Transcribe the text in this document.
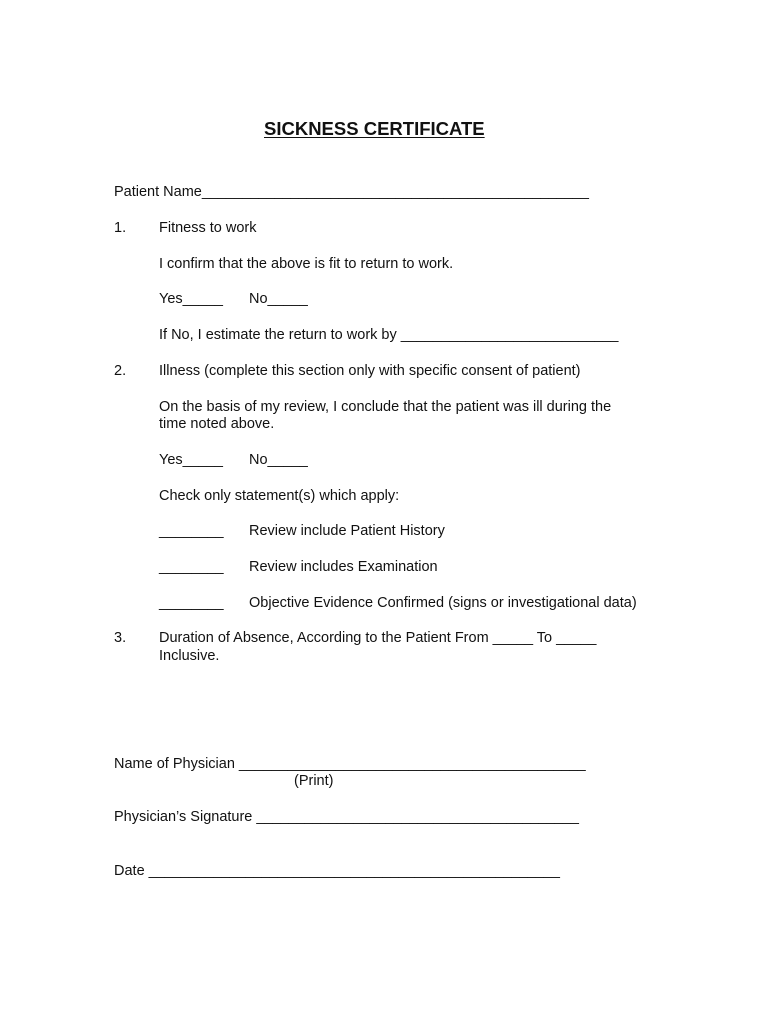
SICKNESS CERTIFICATE
Patient Name________________________________________________
1. Fitness to work
I confirm that the above is fit to return to work.
Yes_____ No_____
If No, I estimate the return to work by ___________________________
2. Illness (complete this section only with specific consent of patient)
On the basis of my review, I conclude that the patient was ill during the
time noted above.
Yes_____ No_____
Check only statement(s) which apply:
________ Review include Patient History
________ Review includes Examination
________ Objective Evidence Confirmed (signs or investigational data)
3. Duration of Absence, According to the Patient From _____ To _____
Inclusive.
Name of Physician ___________________________________________
(Print)
Physician’s Signature ________________________________________
Date ___________________________________________________
